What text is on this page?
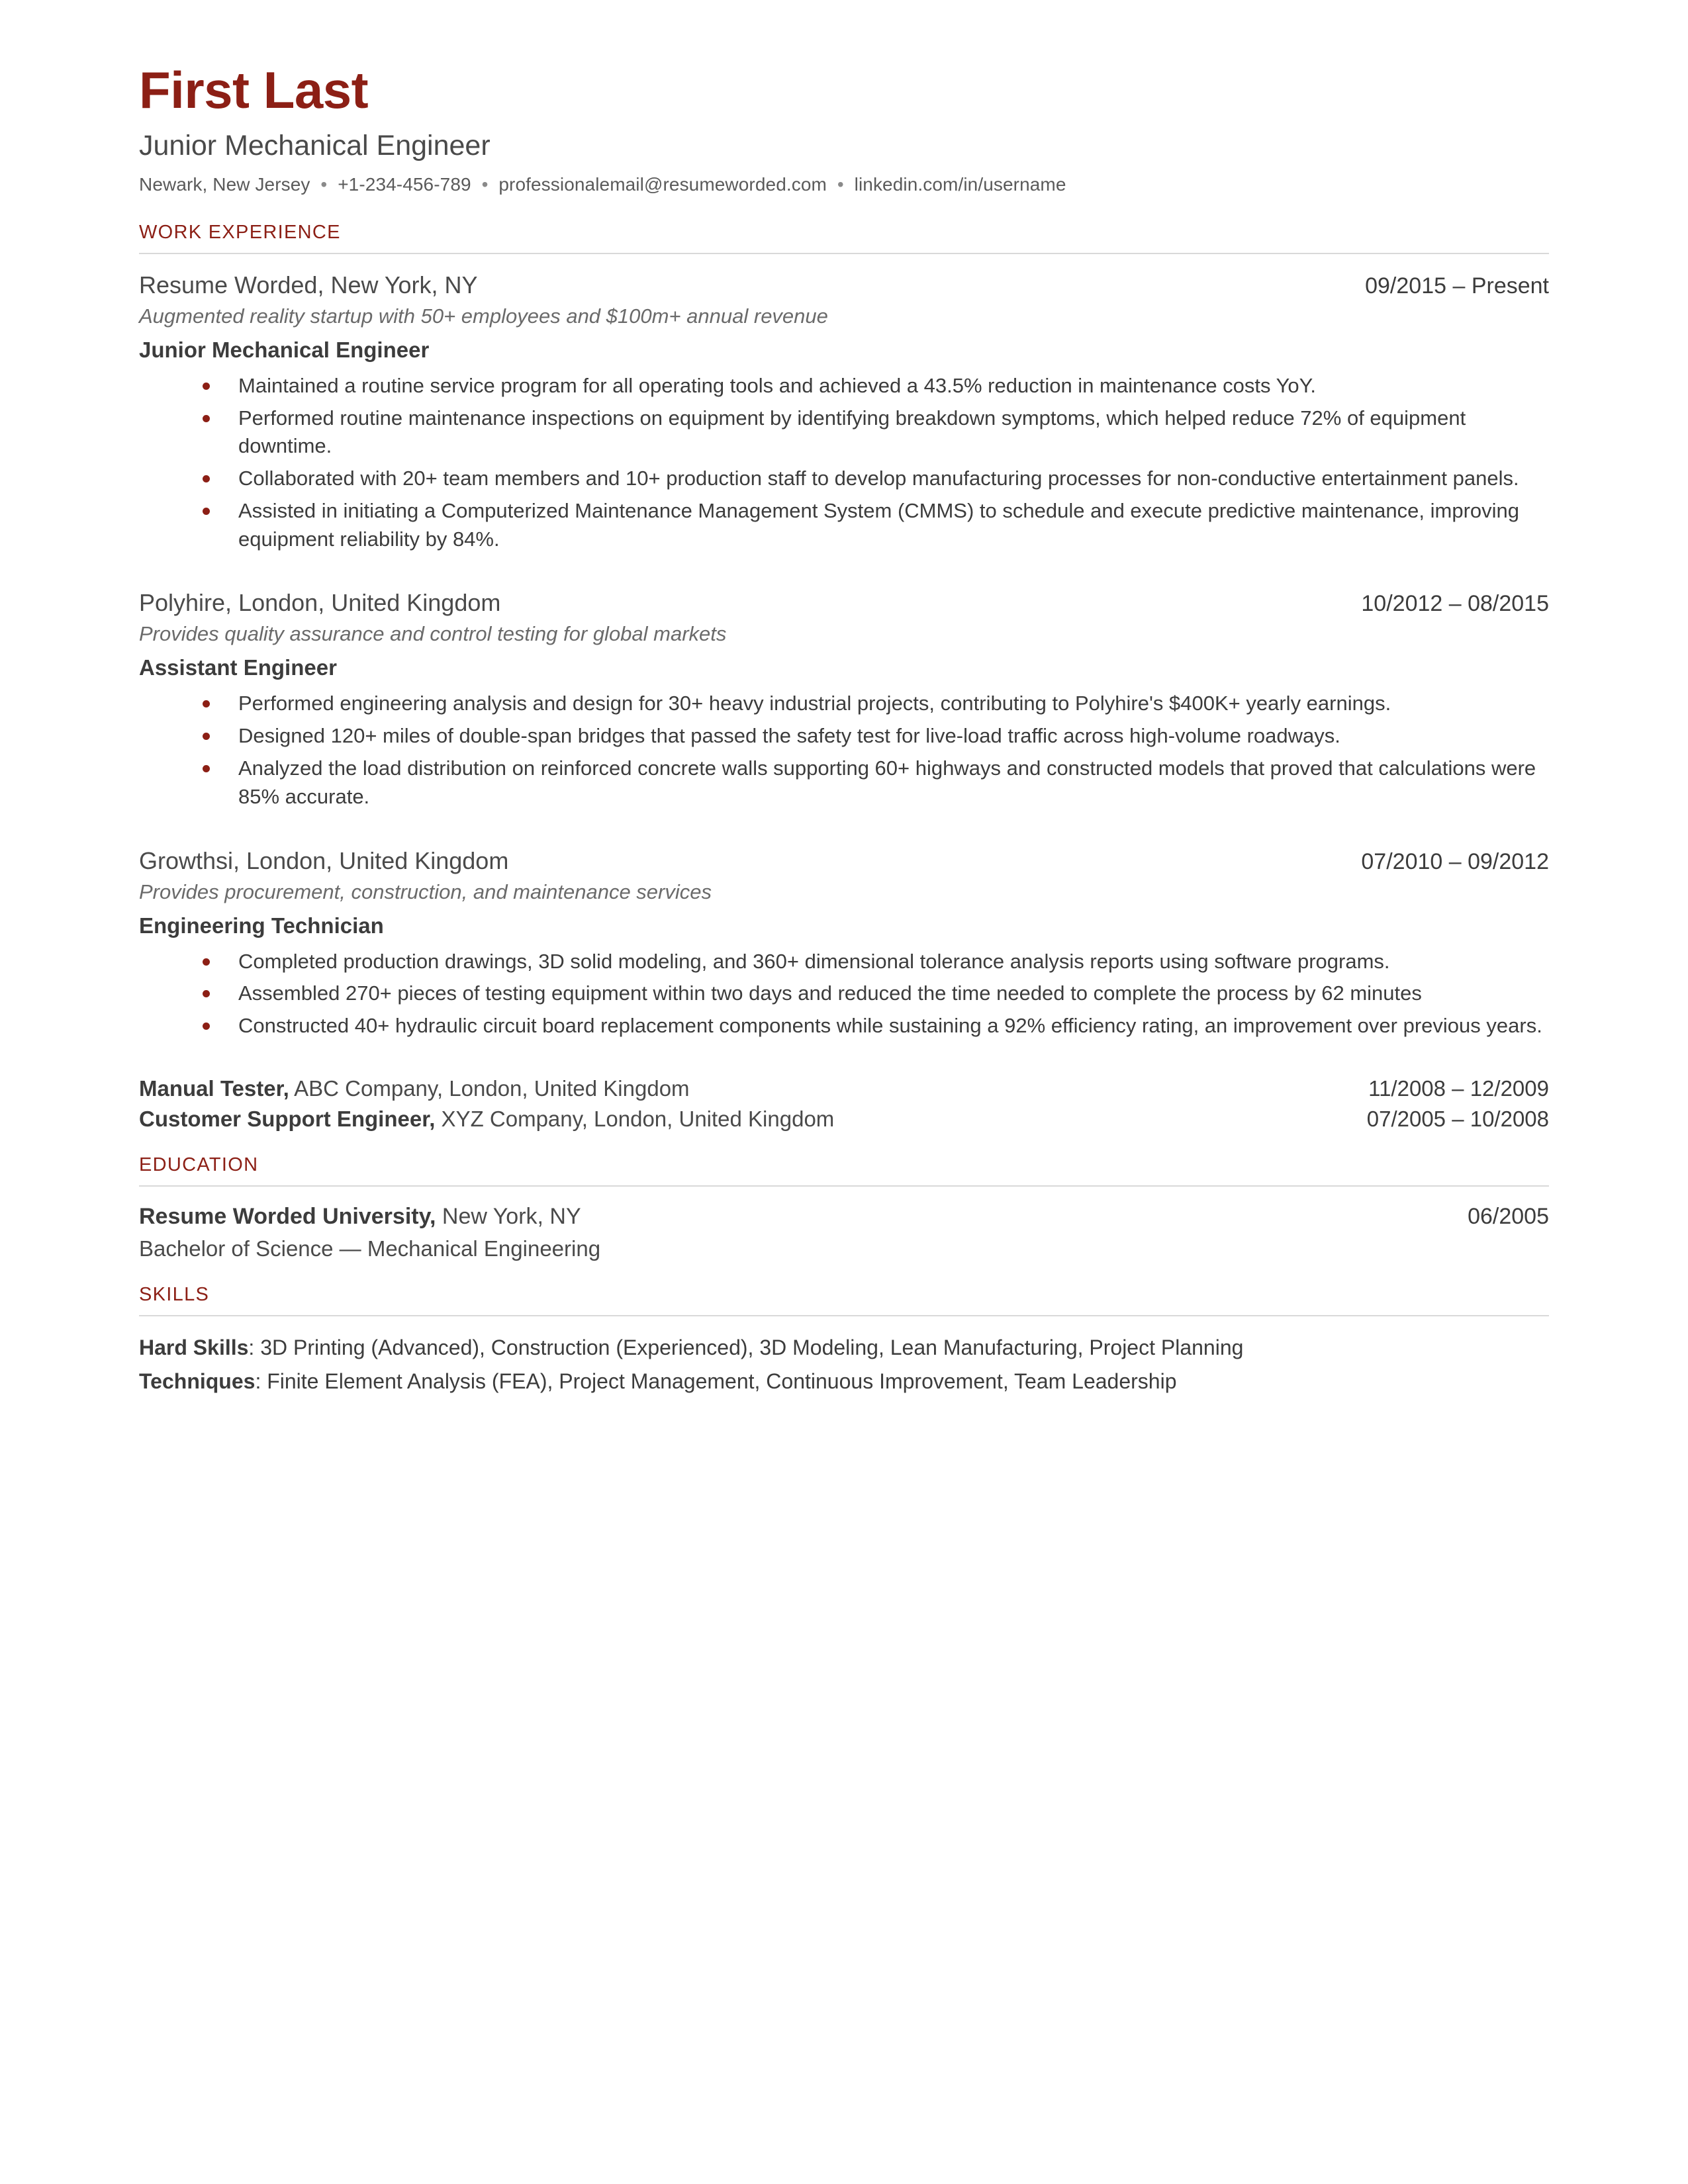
First Last
Junior Mechanical Engineer
Newark, New Jersey • +1-234-456-789 • professionalemail@resumeworded.com • linkedin.com/in/username
WORK EXPERIENCE
Resume Worded, New York, NY	09/2015 – Present
Augmented reality startup with 50+ employees and $100m+ annual revenue
Junior Mechanical Engineer
Maintained a routine service program for all operating tools and achieved a 43.5% reduction in maintenance costs YoY.
Performed routine maintenance inspections on equipment by identifying breakdown symptoms, which helped reduce 72% of equipment downtime.
Collaborated with 20+ team members and 10+ production staff to develop manufacturing processes for non-conductive entertainment panels.
Assisted in initiating a Computerized Maintenance Management System (CMMS) to schedule and execute predictive maintenance, improving equipment reliability by 84%.
Polyhire, London, United Kingdom	10/2012 – 08/2015
Provides quality assurance and control testing for global markets
Assistant Engineer
Performed engineering analysis and design for 30+ heavy industrial projects, contributing to Polyhire's $400K+ yearly earnings.
Designed 120+ miles of double-span bridges that passed the safety test for live-load traffic across high-volume roadways.
Analyzed the load distribution on reinforced concrete walls supporting 60+ highways and constructed models that proved that calculations were 85% accurate.
Growthsi, London, United Kingdom	07/2010 – 09/2012
Provides procurement, construction, and maintenance services
Engineering Technician
Completed production drawings, 3D solid modeling, and 360+ dimensional tolerance analysis reports using software programs.
Assembled 270+ pieces of testing equipment within two days and reduced the time needed to complete the process by 62 minutes
Constructed 40+ hydraulic circuit board replacement components while sustaining a 92% efficiency rating, an improvement over previous years.
Manual Tester, ABC Company, London, United Kingdom	11/2008 – 12/2009
Customer Support Engineer, XYZ Company, London, United Kingdom	07/2005 – 10/2008
EDUCATION
Resume Worded University, New York, NY	06/2005
Bachelor of Science — Mechanical Engineering
SKILLS
Hard Skills: 3D Printing (Advanced), Construction (Experienced), 3D Modeling, Lean Manufacturing, Project Planning
Techniques: Finite Element Analysis (FEA), Project Management, Continuous Improvement, Team Leadership
